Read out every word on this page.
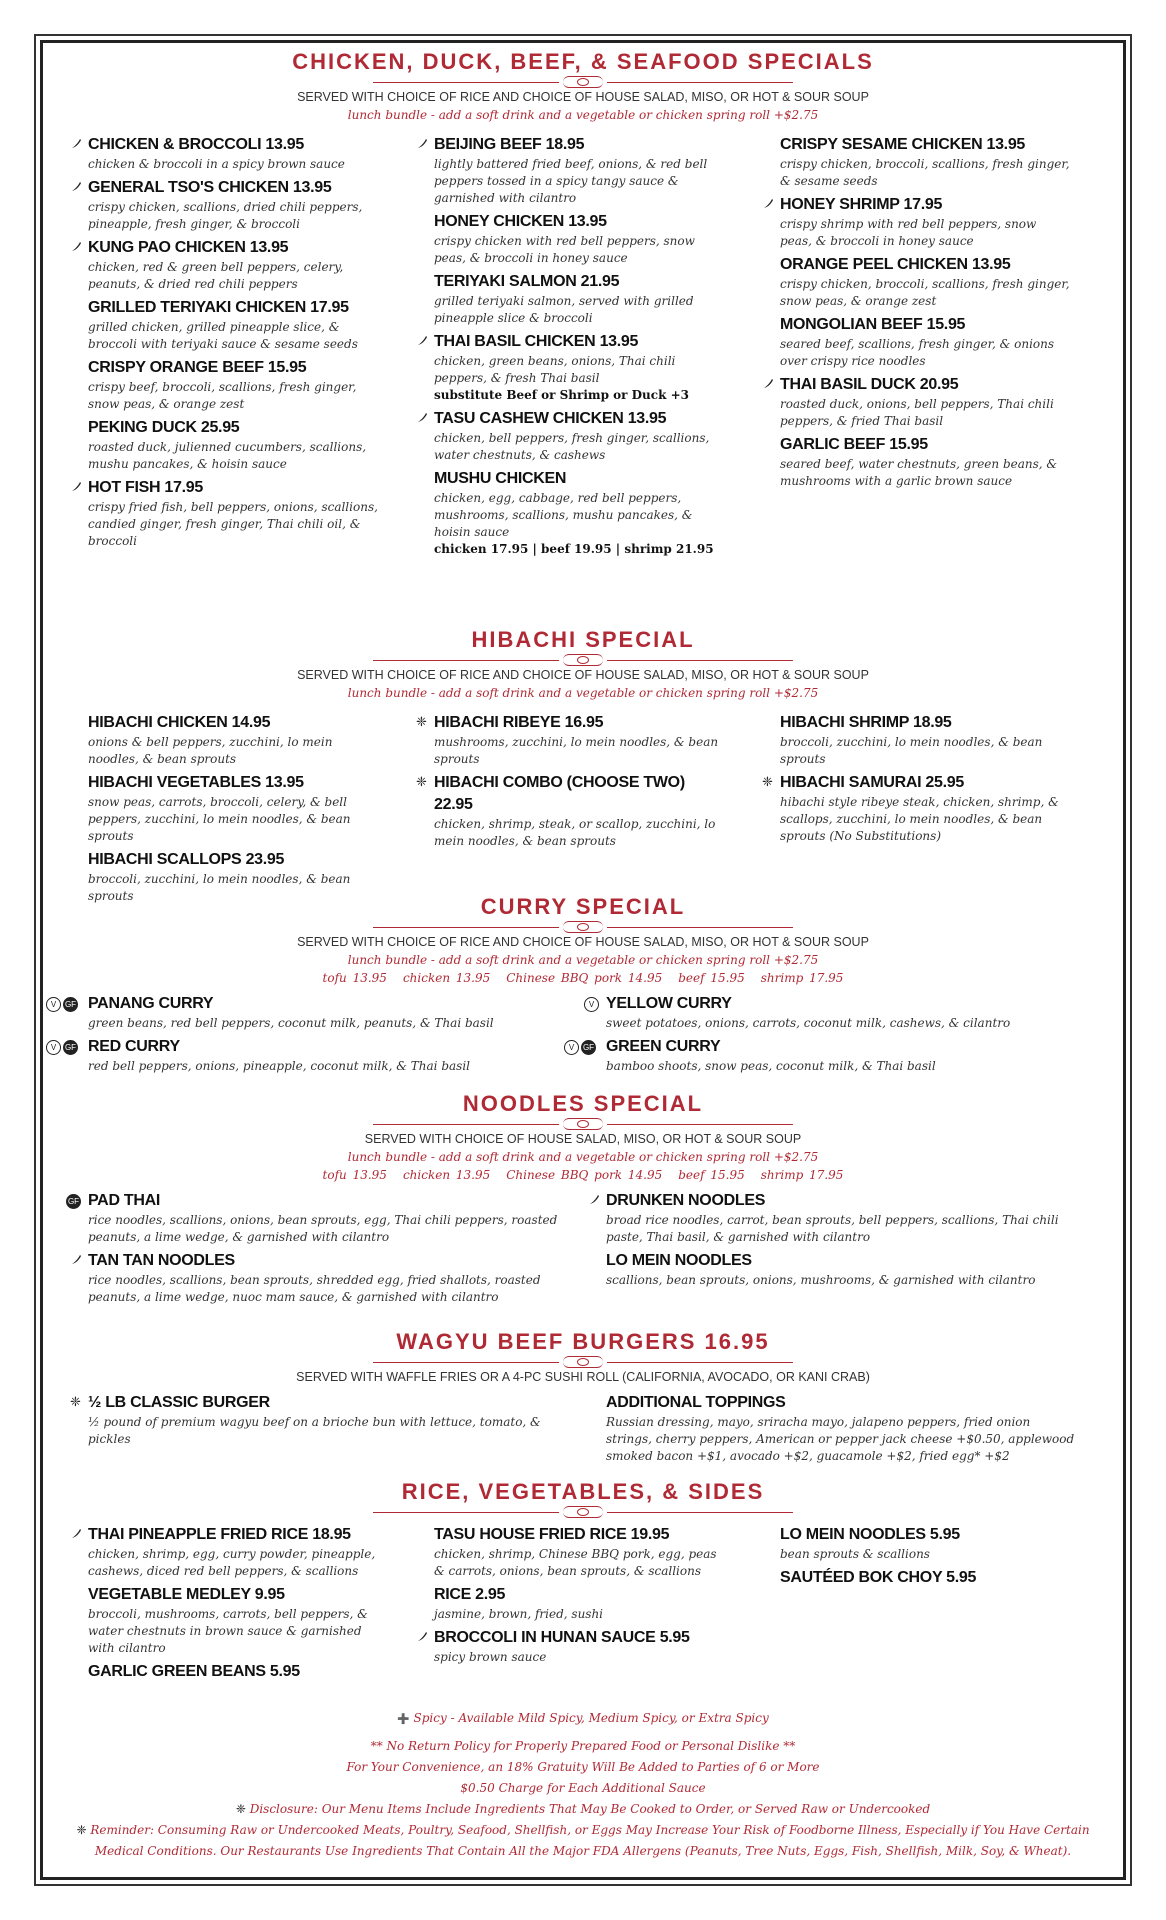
CHICKEN, DUCK, BEEF, & SEAFOOD SPECIALS
SERVED WITH CHOICE OF RICE AND CHOICE OF HOUSE SALAD, MISO, OR HOT & SOUR SOUP
lunch bundle - add a soft drink and a vegetable or chicken spring roll +$2.75
CHICKEN & BROCCOLI 13.95
chicken & broccoli in a spicy brown sauce
GENERAL TSO'S CHICKEN 13.95
crispy chicken, scallions, dried chili peppers, pineapple, fresh ginger, & broccoli
KUNG PAO CHICKEN 13.95
chicken, red & green bell peppers, celery, peanuts, & dried red chili peppers
GRILLED TERIYAKI CHICKEN 17.95
grilled chicken, grilled pineapple slice, & broccoli with teriyaki sauce & sesame seeds
CRISPY ORANGE BEEF 15.95
crispy beef, broccoli, scallions, fresh ginger, snow peas, & orange zest
PEKING DUCK 25.95
roasted duck, julienned cucumbers, scallions, mushu pancakes, & hoisin sauce
HOT FISH 17.95
crispy fried fish, bell peppers, onions, scallions, candied ginger, fresh ginger, Thai chili oil, & broccoli
BEIJING BEEF 18.95
lightly battered fried beef, onions, & red bell peppers tossed in a spicy tangy sauce & garnished with cilantro
HONEY CHICKEN 13.95
crispy chicken with red bell peppers, snow peas, & broccoli in honey sauce
TERIYAKI SALMON 21.95
grilled teriyaki salmon, served with grilled pineapple slice & broccoli
THAI BASIL CHICKEN 13.95
chicken, green beans, onions, Thai chili peppers, & fresh Thai basil
substitute Beef or Shrimp or Duck +3
TASU CASHEW CHICKEN 13.95
chicken, bell peppers, fresh ginger, scallions, water chestnuts, & cashews
MUSHU CHICKEN
chicken, egg, cabbage, red bell peppers, mushrooms, scallions, mushu pancakes, & hoisin sauce
chicken 17.95 | beef 19.95 | shrimp 21.95
CRISPY SESAME CHICKEN 13.95
crispy chicken, broccoli, scallions, fresh ginger, & sesame seeds
HONEY SHRIMP 17.95
crispy shrimp with red bell peppers, snow peas, & broccoli in honey sauce
ORANGE PEEL CHICKEN 13.95
crispy chicken, broccoli, scallions, fresh ginger, snow peas, & orange zest
MONGOLIAN BEEF 15.95
seared beef, scallions, fresh ginger, & onions over crispy rice noodles
THAI BASIL DUCK 20.95
roasted duck, onions, bell peppers, Thai chili peppers, & fried Thai basil
GARLIC BEEF 15.95
seared beef, water chestnuts, green beans, & mushrooms with a garlic brown sauce
HIBACHI SPECIAL
SERVED WITH CHOICE OF RICE AND CHOICE OF HOUSE SALAD, MISO, OR HOT & SOUR SOUP
lunch bundle - add a soft drink and a vegetable or chicken spring roll +$2.75
HIBACHI CHICKEN 14.95
onions & bell peppers, zucchini, lo mein noodles, & bean sprouts
HIBACHI VEGETABLES 13.95
snow peas, carrots, broccoli, celery, & bell peppers, zucchini, lo mein noodles, & bean sprouts
HIBACHI SCALLOPS 23.95
broccoli, zucchini, lo mein noodles, & bean sprouts
❈ HIBACHI RIBEYE 16.95
mushrooms, zucchini, lo mein noodles, & bean sprouts
❈ HIBACHI COMBO (CHOOSE TWO) 22.95
chicken, shrimp, steak, or scallop, zucchini, lo mein noodles, & bean sprouts
HIBACHI SHRIMP 18.95
broccoli, zucchini, lo mein noodles, & bean sprouts
❈ HIBACHI SAMURAI 25.95
hibachi style ribeye steak, chicken, shrimp, & scallops, zucchini, lo mein noodles, & bean sprouts (No Substitutions)
CURRY SPECIAL
SERVED WITH CHOICE OF RICE AND CHOICE OF HOUSE SALAD, MISO, OR HOT & SOUR SOUP
lunch bundle - add a soft drink and a vegetable or chicken spring roll +$2.75
tofu 13.95 chicken 13.95 Chinese BBQ pork 14.95 beef 15.95 shrimp 17.95
V GF PANANG CURRY
green beans, red bell peppers, coconut milk, peanuts, & Thai basil
V GF RED CURRY
red bell peppers, onions, pineapple, coconut milk, & Thai basil
V YELLOW CURRY
sweet potatoes, onions, carrots, coconut milk, cashews, & cilantro
V GF GREEN CURRY
bamboo shoots, snow peas, coconut milk, & Thai basil
NOODLES SPECIAL
SERVED WITH CHOICE OF HOUSE SALAD, MISO, OR HOT & SOUR SOUP
lunch bundle - add a soft drink and a vegetable or chicken spring roll +$2.75
tofu 13.95 chicken 13.95 Chinese BBQ pork 14.95 beef 15.95 shrimp 17.95
GF PAD THAI
rice noodles, scallions, onions, bean sprouts, egg, Thai chili peppers, roasted peanuts, a lime wedge, & garnished with cilantro
TAN TAN NOODLES
rice noodles, scallions, bean sprouts, shredded egg, fried shallots, roasted peanuts, a lime wedge, nuoc mam sauce, & garnished with cilantro
DRUNKEN NOODLES
broad rice noodles, carrot, bean sprouts, bell peppers, scallions, Thai chili paste, Thai basil, & garnished with cilantro
LO MEIN NOODLES
scallions, bean sprouts, onions, mushrooms, & garnished with cilantro
WAGYU BEEF BURGERS 16.95
SERVED WITH WAFFLE FRIES OR A 4-PC SUSHI ROLL (CALIFORNIA, AVOCADO, OR KANI CRAB)
❈ ½ LB CLASSIC BURGER
½ pound of premium wagyu beef on a brioche bun with lettuce, tomato, & pickles
ADDITIONAL TOPPINGS
Russian dressing, mayo, sriracha mayo, jalapeno peppers, fried onion strings, cherry peppers, American or pepper jack cheese +$0.50, applewood smoked bacon +$1, avocado +$2, guacamole +$2, fried egg* +$2
RICE, VEGETABLES, & SIDES
THAI PINEAPPLE FRIED RICE 18.95
chicken, shrimp, egg, curry powder, pineapple, cashews, diced red bell peppers, & scallions
VEGETABLE MEDLEY 9.95
broccoli, mushrooms, carrots, bell peppers, & water chestnuts in brown sauce & garnished with cilantro
GARLIC GREEN BEANS 5.95
TASU HOUSE FRIED RICE 19.95
chicken, shrimp, Chinese BBQ pork, egg, peas & carrots, onions, bean sprouts, & scallions
RICE 2.95
jasmine, brown, fried, sushi
BROCCOLI IN HUNAN SAUCE 5.95
spicy brown sauce
LO MEIN NOODLES 5.95
bean sprouts & scallions
SAUTÉED BOK CHOY 5.95
➕ Spicy - Available Mild Spicy, Medium Spicy, or Extra Spicy
** No Return Policy for Properly Prepared Food or Personal Dislike **
For Your Convenience, an 18% Gratuity Will Be Added to Parties of 6 or More
$0.50 Charge for Each Additional Sauce
❈ Disclosure: Our Menu Items Include Ingredients That May Be Cooked to Order, or Served Raw or Undercooked
❈ Reminder: Consuming Raw or Undercooked Meats, Poultry, Seafood, Shellfish, or Eggs May Increase Your Risk of Foodborne Illness, Especially if You Have Certain Medical Conditions. Our Restaurants Use Ingredients That Contain All the Major FDA Allergens (Peanuts, Tree Nuts, Eggs, Fish, Shellfish, Milk, Soy, & Wheat).
